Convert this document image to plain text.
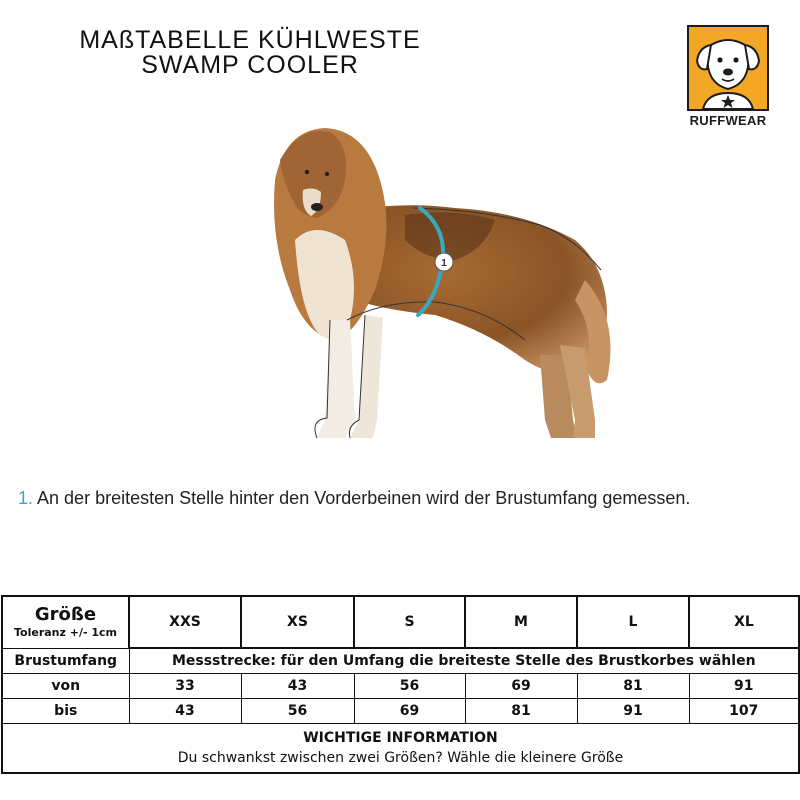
MAßTABELLE KÜHLWESTE
SWAMP COOLER
RUFFWEAR
1
1. An der breitesten Stelle hinter den Vorderbeinen wird der Brustumfang gemessen.
Größe
Toleranz +/- 1cm	XXS	XS	S	M	L	XL
Brustumfang	Messstrecke: für den Umfang die breiteste Stelle des Brustkorbes wählen					
von	33	43	56	69	81	91
bis	43	56	69	81	91	107

WICHTIGE INFORMATION
Du schwankst zwischen zwei Größen? Wähle die kleinere Größe						
